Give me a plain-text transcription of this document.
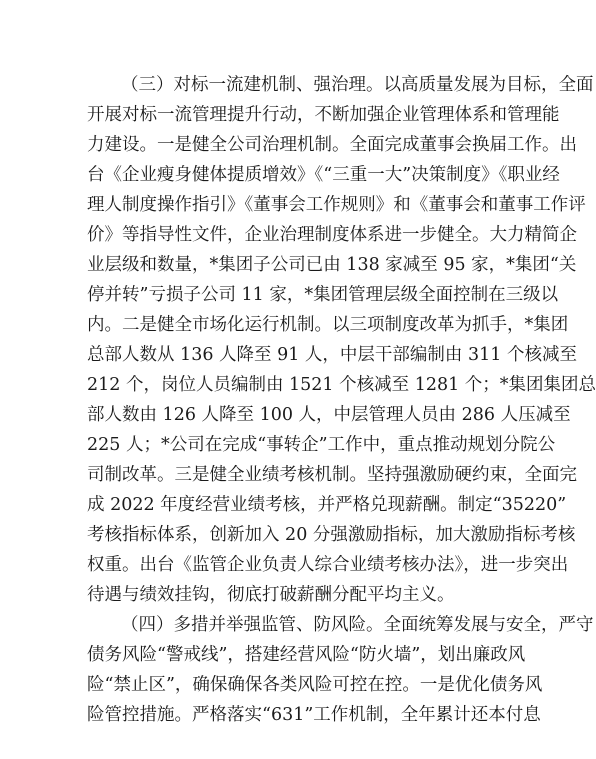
（三）对标一流建机制、强治理。以高质量发展为目标，全面
开展对标一流管理提升行动，不断加强企业管理体系和管理能
力建设。一是健全公司治理机制。全面完成董事会换届工作。出
台《企业瘦身健体提质增效》《“三重一大”决策制度》《职业经
理人制度操作指引》《董事会工作规则》和《董事会和董事工作评
价》等指导性文件，企业治理制度体系进一步健全。大力精简企
业层级和数量，*集团子公司已由 138 家减至 95 家，*集团“关
停并转”亏损子公司 11 家，*集团管理层级全面控制在三级以
内。二是健全市场化运行机制。以三项制度改革为抓手，*集团
总部人数从 136 人降至 91 人，中层干部编制由 311 个核减至
212 个，岗位人员编制由 1521 个核减至 1281 个；*集团集团总
部人数由 126 人降至 100 人，中层管理人员由 286 人压减至
225 人；*公司在完成“事转企”工作中，重点推动规划分院公
司制改革。三是健全业绩考核机制。坚持强激励硬约束，全面完
成 2022 年度经营业绩考核，并严格兑现薪酬。制定“35220”
考核指标体系，创新加入 20 分强激励指标，加大激励指标考核
权重。出台《监管企业负责人综合业绩考核办法》，进一步突出
待遇与绩效挂钩，彻底打破薪酬分配平均主义。
（四）多措并举强监管、防风险。全面统筹发展与安全，严守
债务风险“警戒线”，搭建经营风险“防火墙”，划出廉政风
险“禁止区”，确保确保各类风险可控在控。一是优化债务风
险管控措施。严格落实“631”工作机制，全年累计还本付息
